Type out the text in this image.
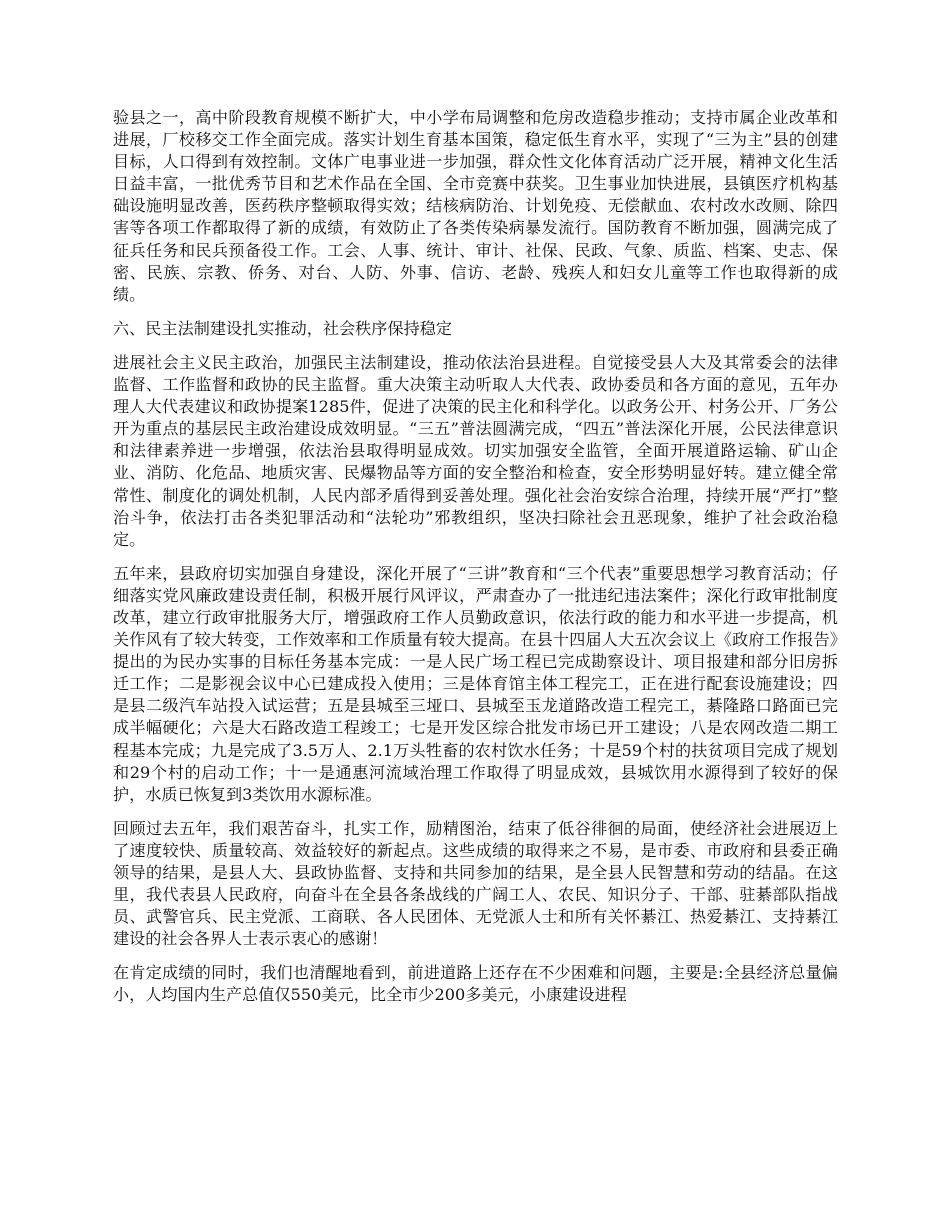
验县之一，高中阶段教育规模不断扩大，中小学布局调整和危房改造稳步推动；支持市属企业改革和进展，厂校移交工作全面完成。落实计划生育基本国策，稳定低生育水平，实现了“三为主”县的创建目标，人口得到有效控制。文体广电事业进一步加强，群众性文化体育活动广泛开展，精神文化生活日益丰富，一批优秀节目和艺术作品在全国、全市竞赛中获奖。卫生事业加快进展，县镇医疗机构基础设施明显改善，医药秩序整顿取得实效；结核病防治、计划免疫、无偿献血、农村改水改厕、除四害等各项工作都取得了新的成绩，有效防止了各类传染病暴发流行。国防教育不断加强，圆满完成了征兵任务和民兵预备役工作。工会、人事、统计、审计、社保、民政、气象、质监、档案、史志、保密、民族、宗教、侨务、对台、人防、外事、信访、老龄、残疾人和妇女儿童等工作也取得新的成绩。

六、民主法制建设扎实推动，社会秩序保持稳定

进展社会主义民主政治，加强民主法制建设，推动依法治县进程。自觉接受县人大及其常委会的法律监督、工作监督和政协的民主监督。重大决策主动听取人大代表、政协委员和各方面的意见，五年办理人大代表建议和政协提案1285件，促进了决策的民主化和科学化。以政务公开、村务公开、厂务公开为重点的基层民主政治建设成效明显。“三五”普法圆满完成，“四五”普法深化开展，公民法律意识和法律素养进一步增强，依法治县取得明显成效。切实加强安全监管，全面开展道路运输、矿山企业、消防、化危品、地质灾害、民爆物品等方面的安全整治和检查，安全形势明显好转。建立健全常常性、制度化的调处机制，人民内部矛盾得到妥善处理。强化社会治安综合治理，持续开展“严打”整治斗争，依法打击各类犯罪活动和“法轮功”邪教组织，坚决扫除社会丑恶现象，维护了社会政治稳定。

五年来，县政府切实加强自身建设，深化开展了“三讲”教育和“三个代表”重要思想学习教育活动；仔细落实党风廉政建设责任制，积极开展行风评议，严肃查办了一批违纪违法案件；深化行政审批制度改革，建立行政审批服务大厅，增强政府工作人员勤政意识，依法行政的能力和水平进一步提高，机关作风有了较大转变，工作效率和工作质量有较大提高。在县十四届人大五次会议上《政府工作报告》提出的为民办实事的目标任务基本完成：一是人民广场工程已完成勘察设计、项目报建和部分旧房拆迁工作；二是影视会议中心已建成投入使用；三是体育馆主体工程完工，正在进行配套设施建设；四是县二级汽车站投入试运营；五是县城至三垭口、县城至玉龙道路改造工程完工，綦隆路口路面已完成半幅硬化；六是大石路改造工程竣工；七是开发区综合批发市场已开工建设；八是农网改造二期工程基本完成；九是完成了3.5万人、2.1万头牲畜的农村饮水任务；十是59个村的扶贫项目完成了规划和29个村的启动工作；十一是通惠河流域治理工作取得了明显成效，县城饮用水源得到了较好的保护，水质已恢复到3类饮用水源标准。

回顾过去五年，我们艰苦奋斗，扎实工作，励精图治，结束了低谷徘徊的局面，使经济社会进展迈上了速度较快、质量较高、效益较好的新起点。这些成绩的取得来之不易，是市委、市政府和县委正确领导的结果，是县人大、县政协监督、支持和共同参加的结果，是全县人民智慧和劳动的结晶。在这里，我代表县人民政府，向奋斗在全县各条战线的广阔工人、农民、知识分子、干部、驻綦部队指战员、武警官兵、民主党派、工商联、各人民团体、无党派人士和所有关怀綦江、热爱綦江、支持綦江建设的社会各界人士表示衷心的感谢！

在肯定成绩的同时，我们也清醒地看到，前进道路上还存在不少困难和问题，主要是:全县经济总量偏小，人均国内生产总值仅550美元，比全市少200多美元，小康建设进程
